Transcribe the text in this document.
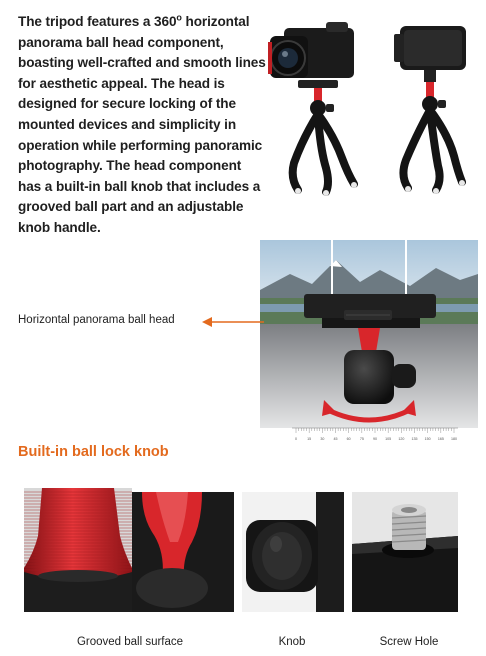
The tripod features a 360$^o$ horizontal panorama ball head component, boasting well-crafted and smooth lines for aesthetic appeal. The head is designed for secure locking of the mounted devices and simplicity in operation while performing panoramic photography. The head component has a built-in ball knob that includes a grooved ball part and an adjustable knob handle.
0	15	30	45	60	75	90 105 120 135 150 165 180
Horizontal panorama ball head
Built-in ball lock knob
Grooved ball surface	Knob	Screw Hole
